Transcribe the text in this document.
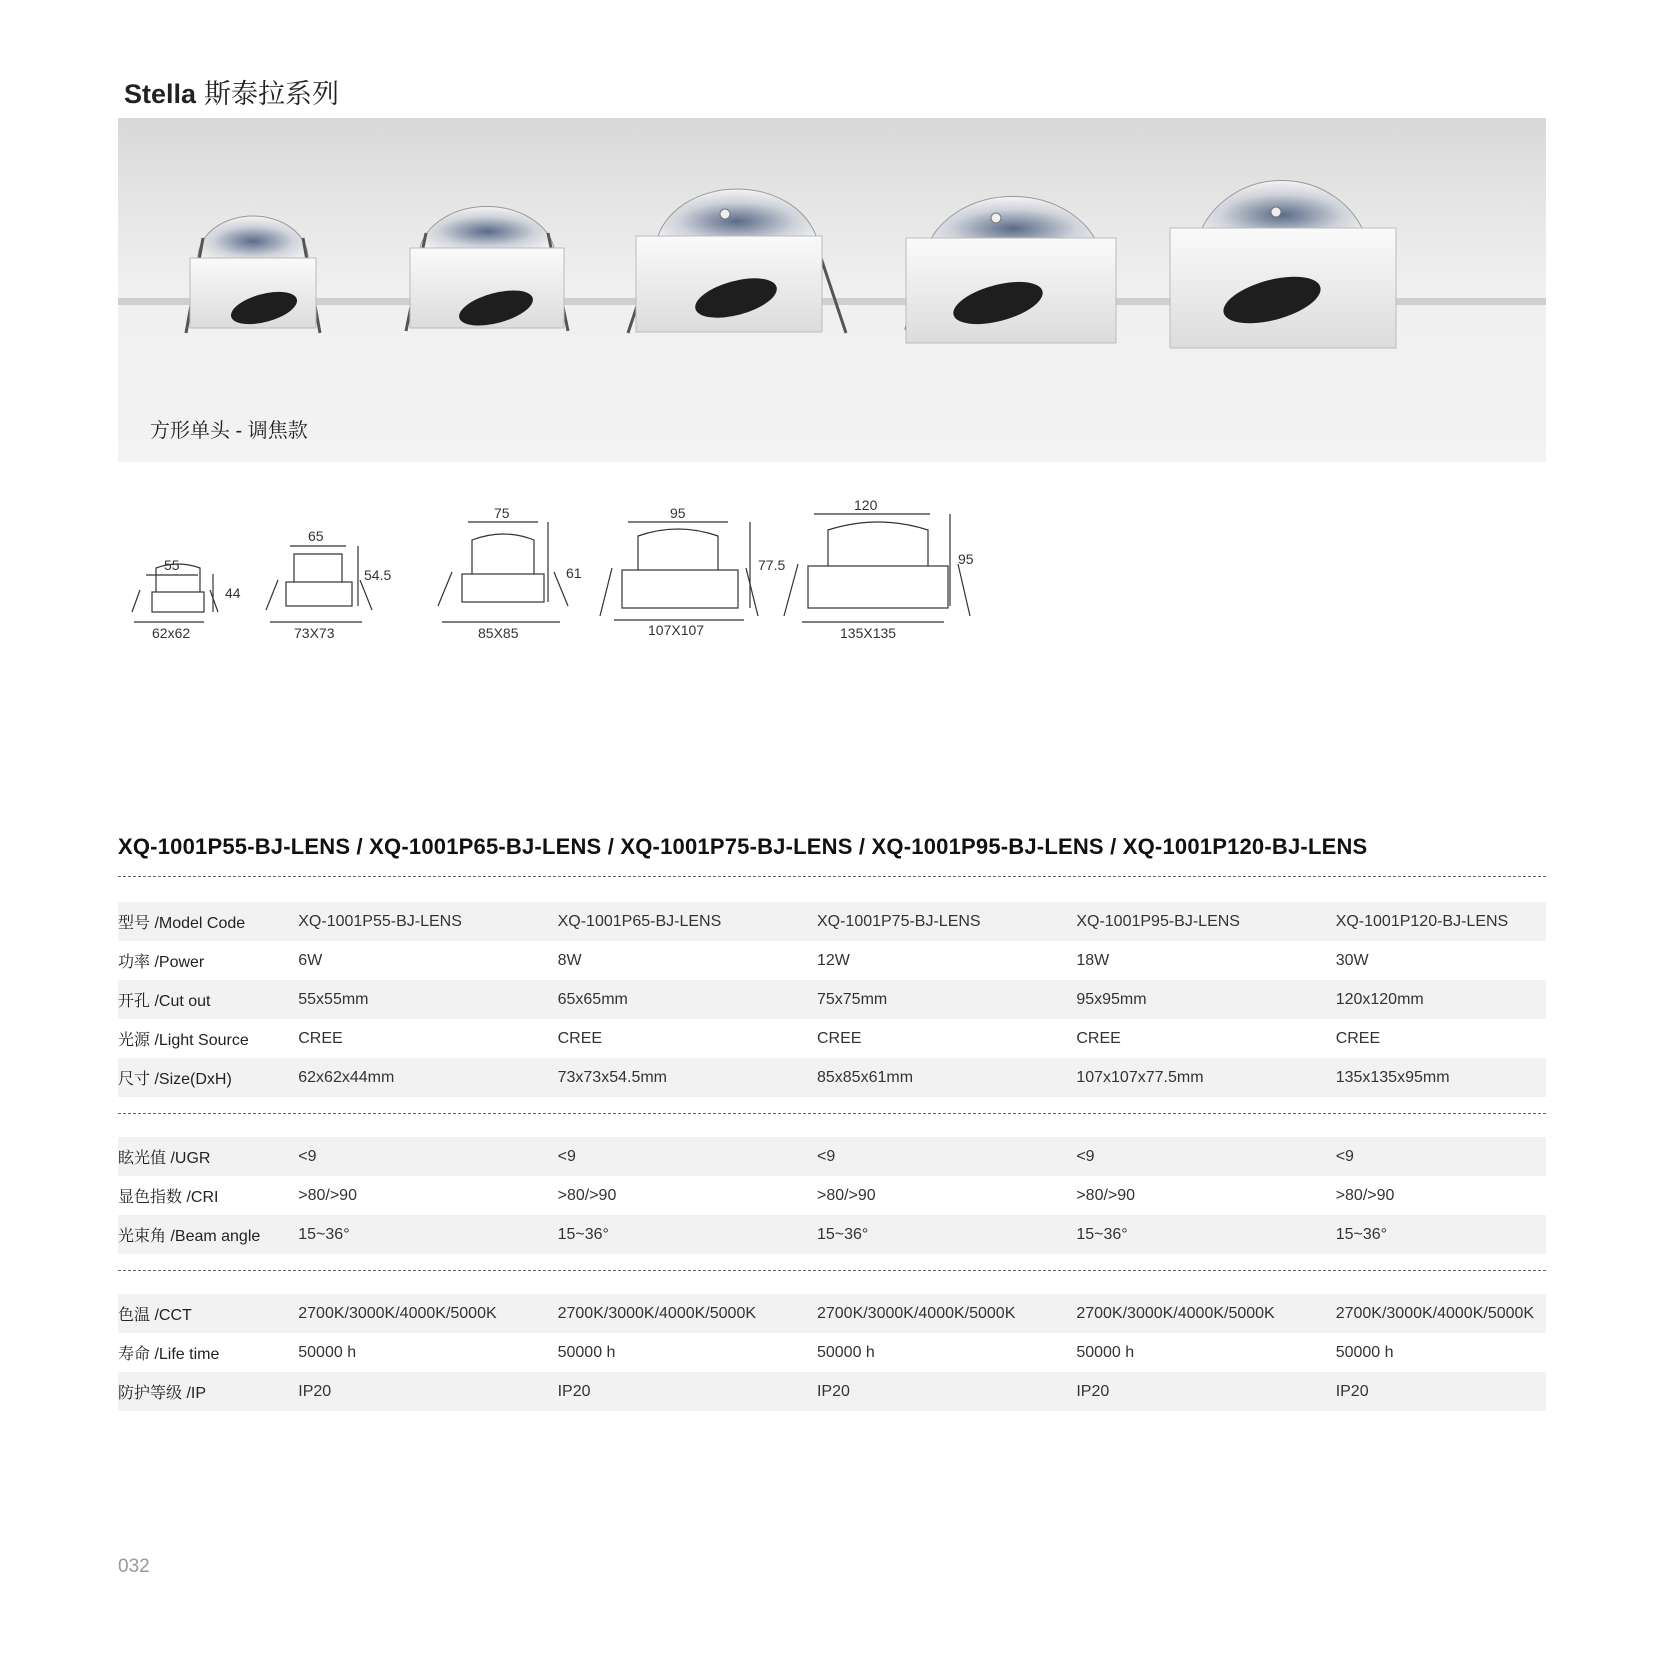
Stella 斯泰拉系列
方形单头 - 调焦款
55
44
62x62
65
54.5
73X73
75
61
85X85
95
77.5
107X107
120
95
135X135
XQ-1001P55-BJ-LENS / XQ-1001P65-BJ-LENS / XQ-1001P75-BJ-LENS / XQ-1001P95-BJ-LENS / XQ-1001P120-BJ-LENS
型号 /Model Code	XQ-1001P55-BJ-LENS	XQ-1001P65-BJ-LENS	XQ-1001P75-BJ-LENS	XQ-1001P95-BJ-LENS	XQ-1001P120-BJ-LENS
功率 /Power	6W	8W	12W	18W	30W
开孔 /Cut out	55x55mm	65x65mm	75x75mm	95x95mm	120x120mm
光源 /Light Source	CREE	CREE	CREE	CREE	CREE
尺寸 /Size(DxH)	62x62x44mm	73x73x54.5mm	85x85x61mm	107x107x77.5mm	135x135x95mm
眩光值 /UGR	<9	<9	<9	<9	<9
显色指数 /CRI	>80/>90	>80/>90	>80/>90	>80/>90	>80/>90
光束角 /Beam angle	15~36°	15~36°	15~36°	15~36°	15~36°
色温 /CCT	2700K/3000K/4000K/5000K	2700K/3000K/4000K/5000K	2700K/3000K/4000K/5000K	2700K/3000K/4000K/5000K	2700K/3000K/4000K/5000K
寿命 /Life time	50000 h	50000 h	50000 h	50000 h	50000 h
防护等级 /IP	IP20	IP20	IP20	IP20	IP20
032
